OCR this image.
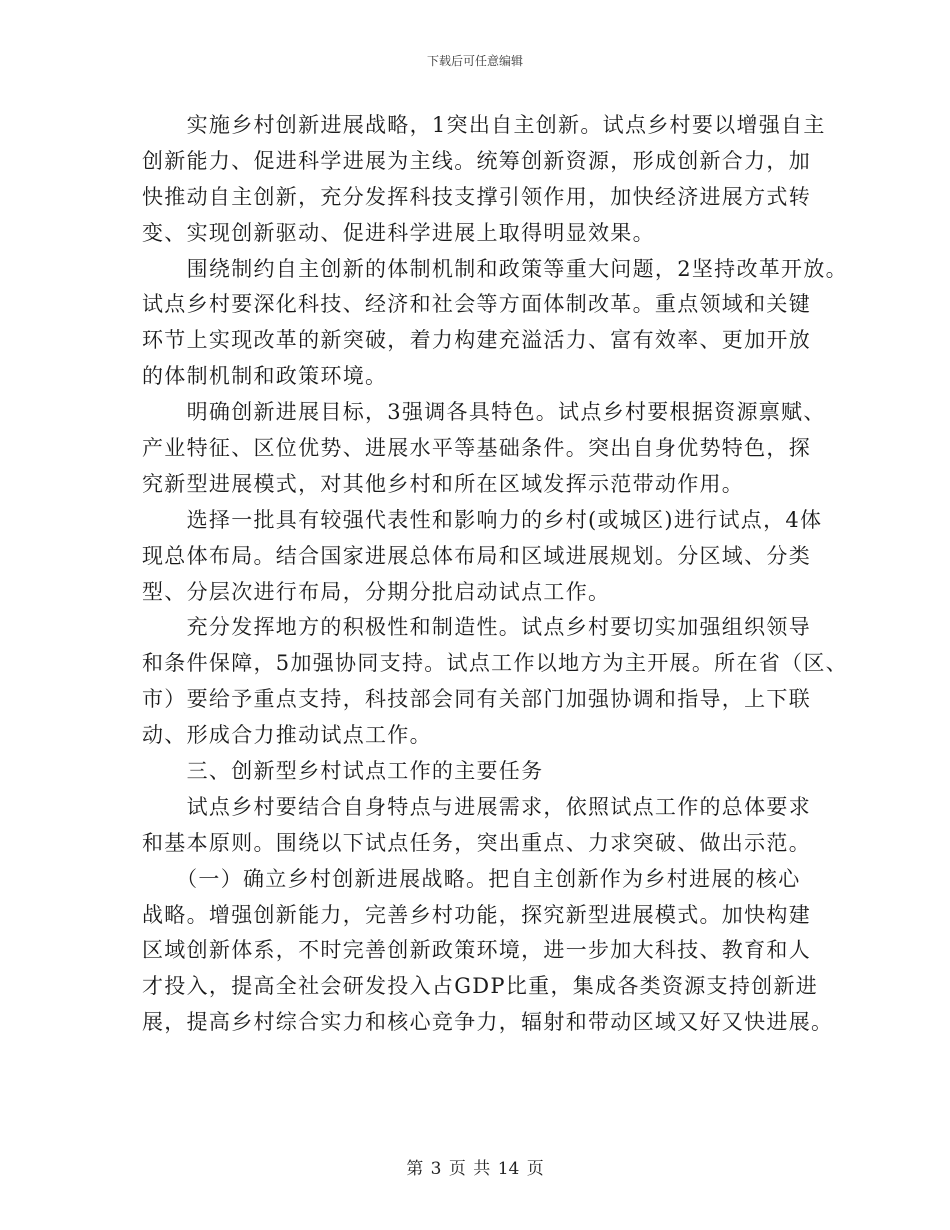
下载后可任意编辑
　　实施乡村创新进展战略，1突出自主创新。试点乡村要以增强自主
创新能力、促进科学进展为主线。统筹创新资源，形成创新合力，加
快推动自主创新，充分发挥科技支撑引领作用，加快经济进展方式转
变、实现创新驱动、促进科学进展上取得明显效果。
　　围绕制约自主创新的体制机制和政策等重大问题，2坚持改革开放。
试点乡村要深化科技、经济和社会等方面体制改革。重点领域和关键
环节上实现改革的新突破，着力构建充溢活力、富有效率、更加开放
的体制机制和政策环境。
　　明确创新进展目标，3强调各具特色。试点乡村要根据资源禀赋、
产业特征、区位优势、进展水平等基础条件。突出自身优势特色，探
究新型进展模式，对其他乡村和所在区域发挥示范带动作用。
　　选择一批具有较强代表性和影响力的乡村(或城区)进行试点，4体
现总体布局。结合国家进展总体布局和区域进展规划。分区域、分类
型、分层次进行布局，分期分批启动试点工作。
　　充分发挥地方的积极性和制造性。试点乡村要切实加强组织领导
和条件保障，5加强协同支持。试点工作以地方为主开展。所在省（区、
市）要给予重点支持，科技部会同有关部门加强协调和指导，上下联
动、形成合力推动试点工作。
　　三、创新型乡村试点工作的主要任务
　　试点乡村要结合自身特点与进展需求，依照试点工作的总体要求
和基本原则。围绕以下试点任务，突出重点、力求突破、做出示范。
　　（一）确立乡村创新进展战略。把自主创新作为乡村进展的核心
战略。增强创新能力，完善乡村功能，探究新型进展模式。加快构建
区域创新体系，不时完善创新政策环境，进一步加大科技、教育和人
才投入，提高全社会研发投入占GDP比重，集成各类资源支持创新进
展，提高乡村综合实力和核心竞争力，辐射和带动区域又好又快进展。
第 3 页 共 14 页
